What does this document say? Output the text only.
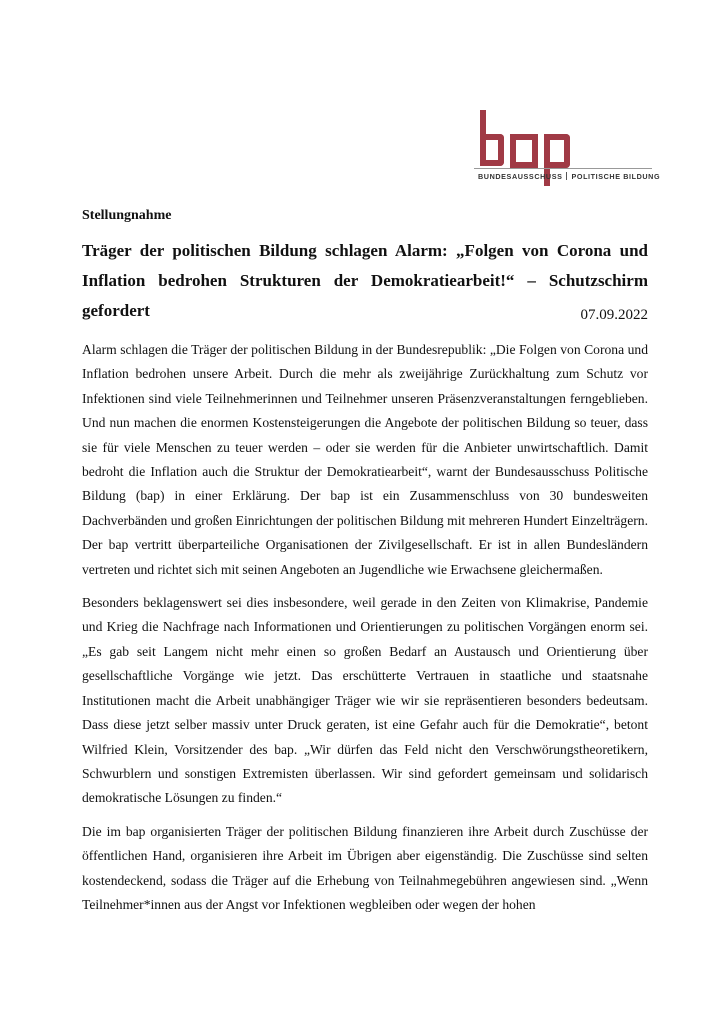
BUNDESAUSSCHUSS POLITISCHE BILDUNG
Stellungnahme
Träger der politischen Bildung schlagen Alarm: „Folgen von Corona und Inflation bedrohen Strukturen der Demokratiearbeit!“ – Schutzschirm gefordert	07.09.2022

Alarm schlagen die Träger der politischen Bildung in der Bundesrepublik: „Die Folgen von Corona und Inflation bedrohen unsere Arbeit. Durch die mehr als zweijährige Zurückhaltung zum Schutz vor Infektionen sind viele Teilnehmerinnen und Teilnehmer unseren Präsenzveranstaltungen ferngeblieben. Und nun machen die enormen Kostensteigerungen die Angebote der politischen Bildung so teuer, dass sie für viele Menschen zu teuer werden – oder sie werden für die Anbieter unwirtschaftlich. Damit bedroht die Inflation auch die Struktur der Demokratiearbeit“, warnt der Bundesausschuss Politische Bildung (bap) in einer Erklärung. Der bap ist ein Zusammenschluss von 30 bundesweiten Dachverbänden und großen Einrichtungen der politischen Bildung mit mehreren Hundert Einzelträgern. Der bap vertritt überparteiliche Organisationen der Zivilgesellschaft. Er ist in allen Bundesländern vertreten und richtet sich mit seinen Angeboten an Jugendliche wie Erwachsene gleichermaßen.

Besonders beklagenswert sei dies insbesondere, weil gerade in den Zeiten von Klimakrise, Pandemie und Krieg die Nachfrage nach Informationen und Orientierungen zu politischen Vorgängen enorm sei. „Es gab seit Langem nicht mehr einen so großen Bedarf an Austausch und Orientierung über gesellschaftliche Vorgänge wie jetzt. Das erschütterte Vertrauen in staatliche und staatsnahe Institutionen macht die Arbeit unabhängiger Träger wie wir sie repräsentieren besonders bedeutsam. Dass diese jetzt selber massiv unter Druck geraten, ist eine Gefahr auch für die Demokratie“, betont Wilfried Klein, Vorsitzender des bap. „Wir dürfen das Feld nicht den Verschwörungstheoretikern, Schwurblern und sonstigen Extremisten überlassen. Wir sind gefordert gemeinsam und solidarisch demokratische Lösungen zu finden.“

Die im bap organisierten Träger der politischen Bildung finanzieren ihre Arbeit durch Zuschüsse der öffentlichen Hand, organisieren ihre Arbeit im Übrigen aber eigenständig. Die Zuschüsse sind selten kostendeckend, sodass die Träger auf die Erhebung von Teilnahmegebühren angewiesen sind. „Wenn Teilnehmer*innen aus der Angst vor Infektionen wegbleiben oder wegen der hohen
